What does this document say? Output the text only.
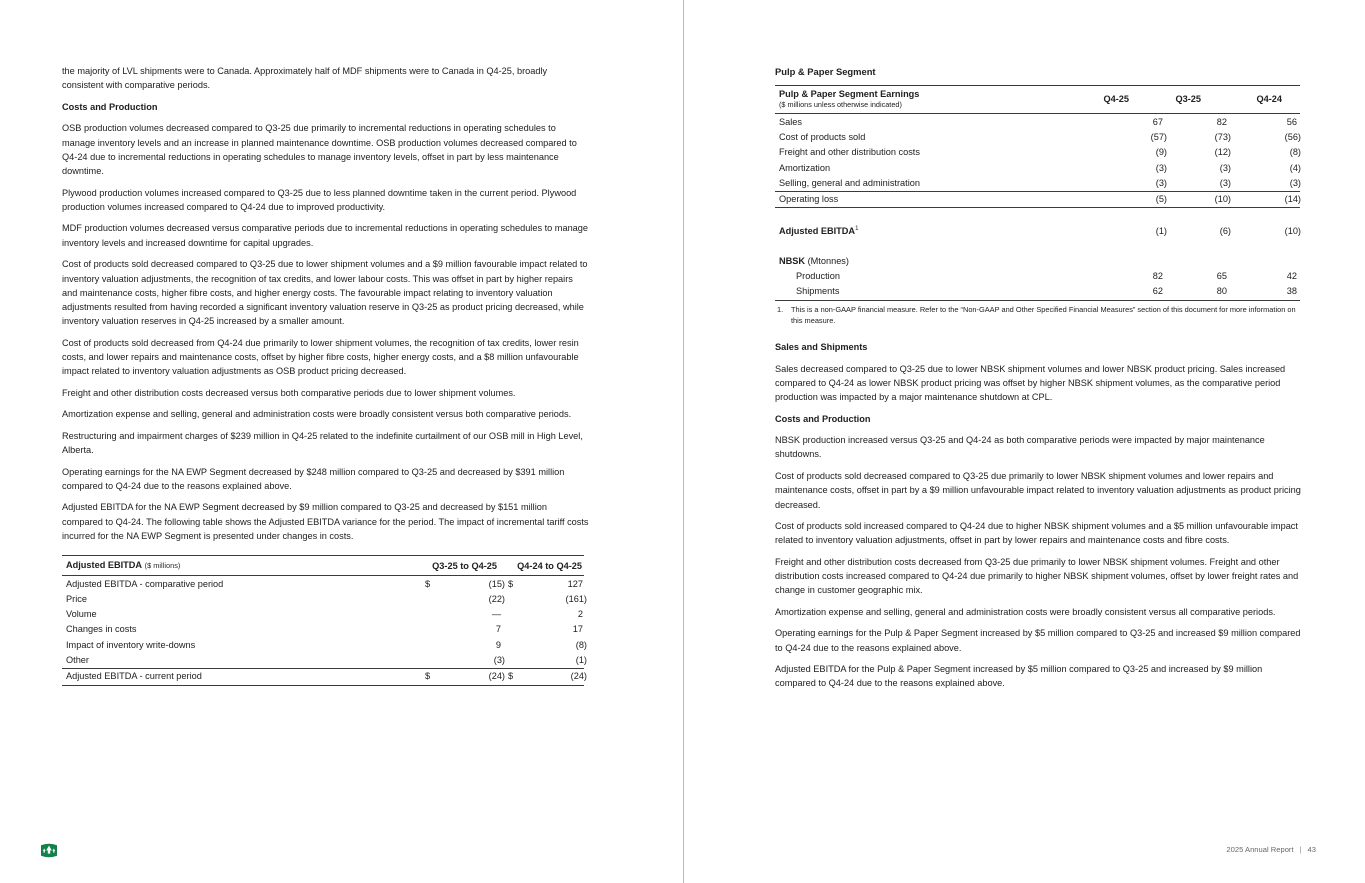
the majority of LVL shipments were to Canada. Approximately half of MDF shipments were to Canada in Q4-25, broadly consistent with comparative periods.

Costs and Production

OSB production volumes decreased compared to Q3-25 due primarily to incremental reductions in operating schedules to manage inventory levels and an increase in planned maintenance downtime. OSB production volumes decreased compared to Q4-24 due to incremental reductions in operating schedules to manage inventory levels, offset in part by less maintenance downtime.

Plywood production volumes increased compared to Q3-25 due to less planned downtime taken in the current period. Plywood production volumes increased compared to Q4-24 due to improved productivity.

MDF production volumes decreased versus comparative periods due to incremental reductions in operating schedules to manage inventory levels and increased downtime for capital upgrades.

Cost of products sold decreased compared to Q3-25 due to lower shipment volumes and a $9 million favourable impact related to inventory valuation adjustments, the recognition of tax credits, and lower labour costs. This was offset in part by higher repairs and maintenance costs, higher fibre costs, and higher energy costs. The favourable impact relating to inventory valuation adjustments resulted from having recorded a significant inventory valuation reserve in Q3-25 as product pricing decreased, while inventory valuation reserves in Q4-25 increased by a smaller amount.

Cost of products sold decreased from Q4-24 due primarily to lower shipment volumes, the recognition of tax credits, lower resin costs, and lower repairs and maintenance costs, offset by higher fibre costs, higher energy costs, and a $8 million unfavourable impact related to inventory valuation adjustments as OSB product pricing decreased.

Freight and other distribution costs decreased versus both comparative periods due to lower shipment volumes.

Amortization expense and selling, general and administration costs were broadly consistent versus both comparative periods.

Restructuring and impairment charges of $239 million in Q4-25 related to the indefinite curtailment of our OSB mill in High Level, Alberta.

Operating earnings for the NA EWP Segment decreased by $248 million compared to Q3-25 and decreased by $391 million compared to Q4-24 due to the reasons explained above.

Adjusted EBITDA for the NA EWP Segment decreased by $9 million compared to Q3-25 and decreased by $151 million compared to Q4-24. The following table shows the Adjusted EBITDA variance for the period. The impact of incremental tariff costs incurred for the NA EWP Segment is presented under changes in costs.

Adjusted EBITDA ($ millions)	Q3-25 to Q4-25	Q4-24 to Q4-25
Adjusted EBITDA - comparative period	$	(15) $	127
Price	(22)	(161)
Volume	—	2
Changes in costs	7	17
Impact of inventory write-downs	9	(8)
Other	(3)	(1)
Adjusted EBITDA - current period	$	(24) $	(24)
Pulp & Paper Segment
Pulp & Paper Segment Earnings
($ millions unless otherwise indicated)
Q4-25	Q3-25	Q4-24
Sales	67	82	56
Cost of products sold	(57)	(73)	(56)
Freight and other distribution costs	(9)	(12)	(8)
Amortization	(3)	(3)	(4)
Selling, general and administration	(3)	(3)	(3)
Operating loss	(5)	(10)	(14)
Adjusted EBITDA$^1$	(1)	(6)	(10)
NBSK (Mtonnes)
Production	82	65	42
Shipments	62	80	38
1.	This is a non-GAAP financial measure. Refer to the “Non-GAAP and Other Specified Financial Measures” section of this document for more information on this measure.

Sales and Shipments

Sales decreased compared to Q3-25 due to lower NBSK shipment volumes and lower NBSK product pricing. Sales increased compared to Q4-24 as lower NBSK product pricing was offset by higher NBSK shipment volumes, as the comparative period production was impacted by a major maintenance shutdown at CPL.

Costs and Production

NBSK production increased versus Q3-25 and Q4-24 as both comparative periods were impacted by major maintenance shutdowns.

Cost of products sold decreased compared to Q3-25 due primarily to lower NBSK shipment volumes and lower repairs and maintenance costs, offset in part by a $9 million unfavourable impact related to inventory valuation adjustments as product pricing decreased.

Cost of products sold increased compared to Q4-24 due to higher NBSK shipment volumes and a $5 million unfavourable impact related to inventory valuation adjustments, offset in part by lower repairs and maintenance costs and fibre costs.

Freight and other distribution costs decreased from Q3-25 due primarily to lower NBSK shipment volumes. Freight and other distribution costs increased compared to Q4-24 due primarily to higher NBSK shipment volumes, offset by lower freight rates and change in customer geographic mix.

Amortization expense and selling, general and administration costs were broadly consistent versus all comparative periods.

Operating earnings for the Pulp & Paper Segment increased by $5 million compared to Q3-25 and increased $9 million compared to Q4-24 due to the reasons explained above.

Adjusted EBITDA for the Pulp & Paper Segment increased by $5 million compared to Q3-25 and increased by $9 million compared to Q4-24 due to the reasons explained above.

2025 Annual Report | 43
